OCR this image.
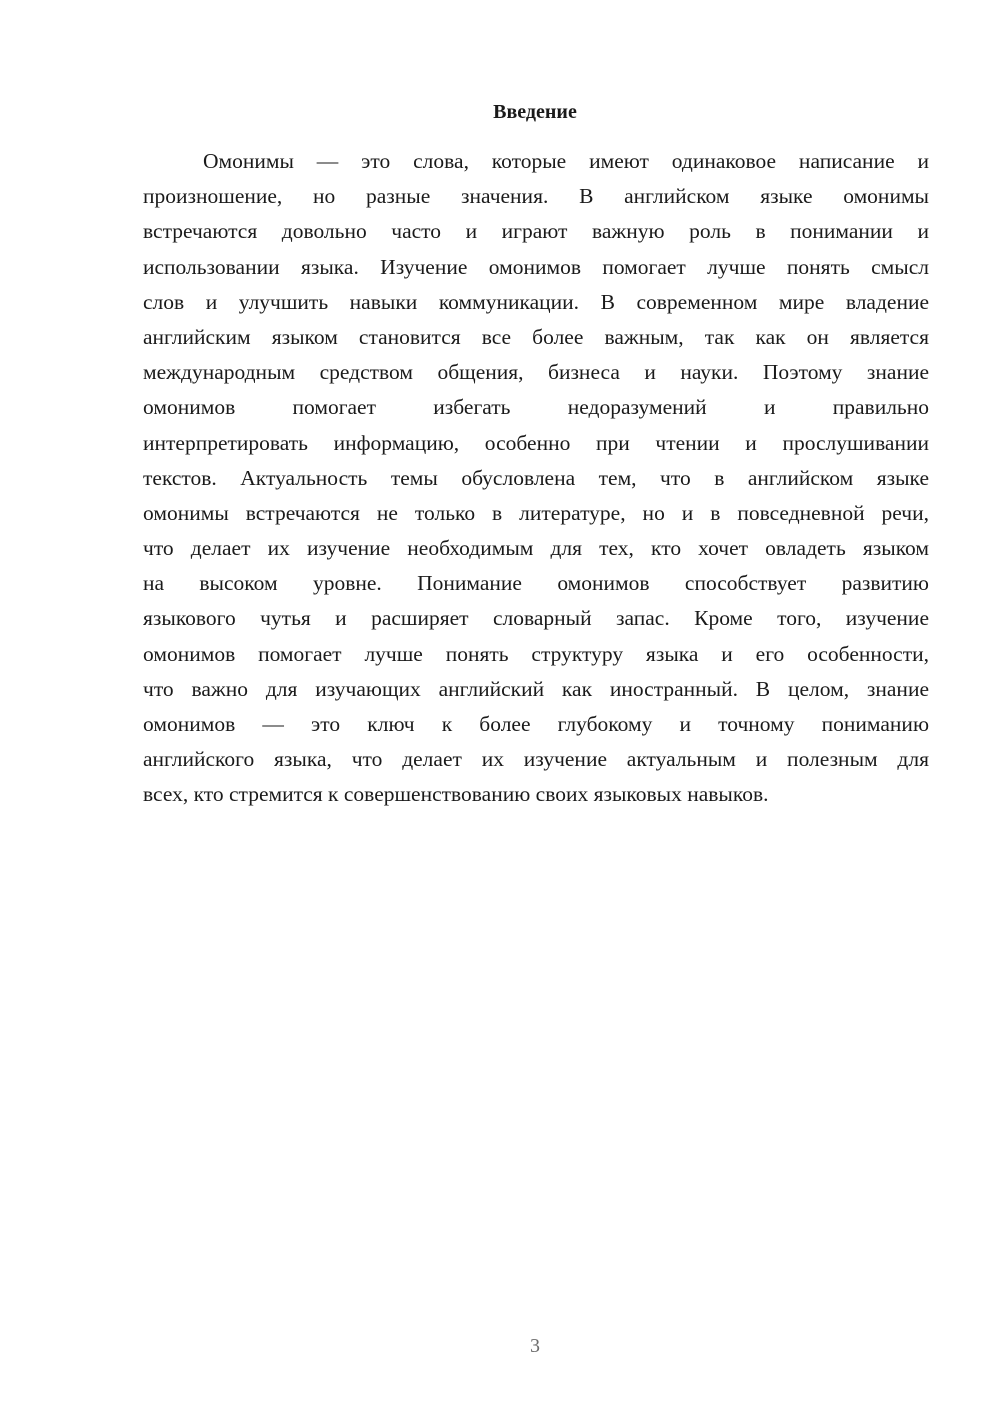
Введение
Омонимы — это слова, которые имеют одинаковое написание и
произношение, но разные значения. В английском языке омонимы
встречаются довольно часто и играют важную роль в понимании и
использовании языка. Изучение омонимов помогает лучше понять смысл
слов и улучшить навыки коммуникации. В современном мире владение
английским языком становится все более важным, так как он является
международным средством общения, бизнеса и науки. Поэтому знание
омонимов помогает избегать недоразумений и правильно
интерпретировать информацию, особенно при чтении и прослушивании
текстов. Актуальность темы обусловлена тем, что в английском языке
омонимы встречаются не только в литературе, но и в повседневной речи,
что делает их изучение необходимым для тех, кто хочет овладеть языком
на высоком уровне. Понимание омонимов способствует развитию
языкового чутья и расширяет словарный запас. Кроме того, изучение
омонимов помогает лучше понять структуру языка и его особенности,
что важно для изучающих английский как иностранный. В целом, знание
омонимов — это ключ к более глубокому и точному пониманию
английского языка, что делает их изучение актуальным и полезным для
всех, кто стремится к совершенствованию своих языковых навыков.
3
